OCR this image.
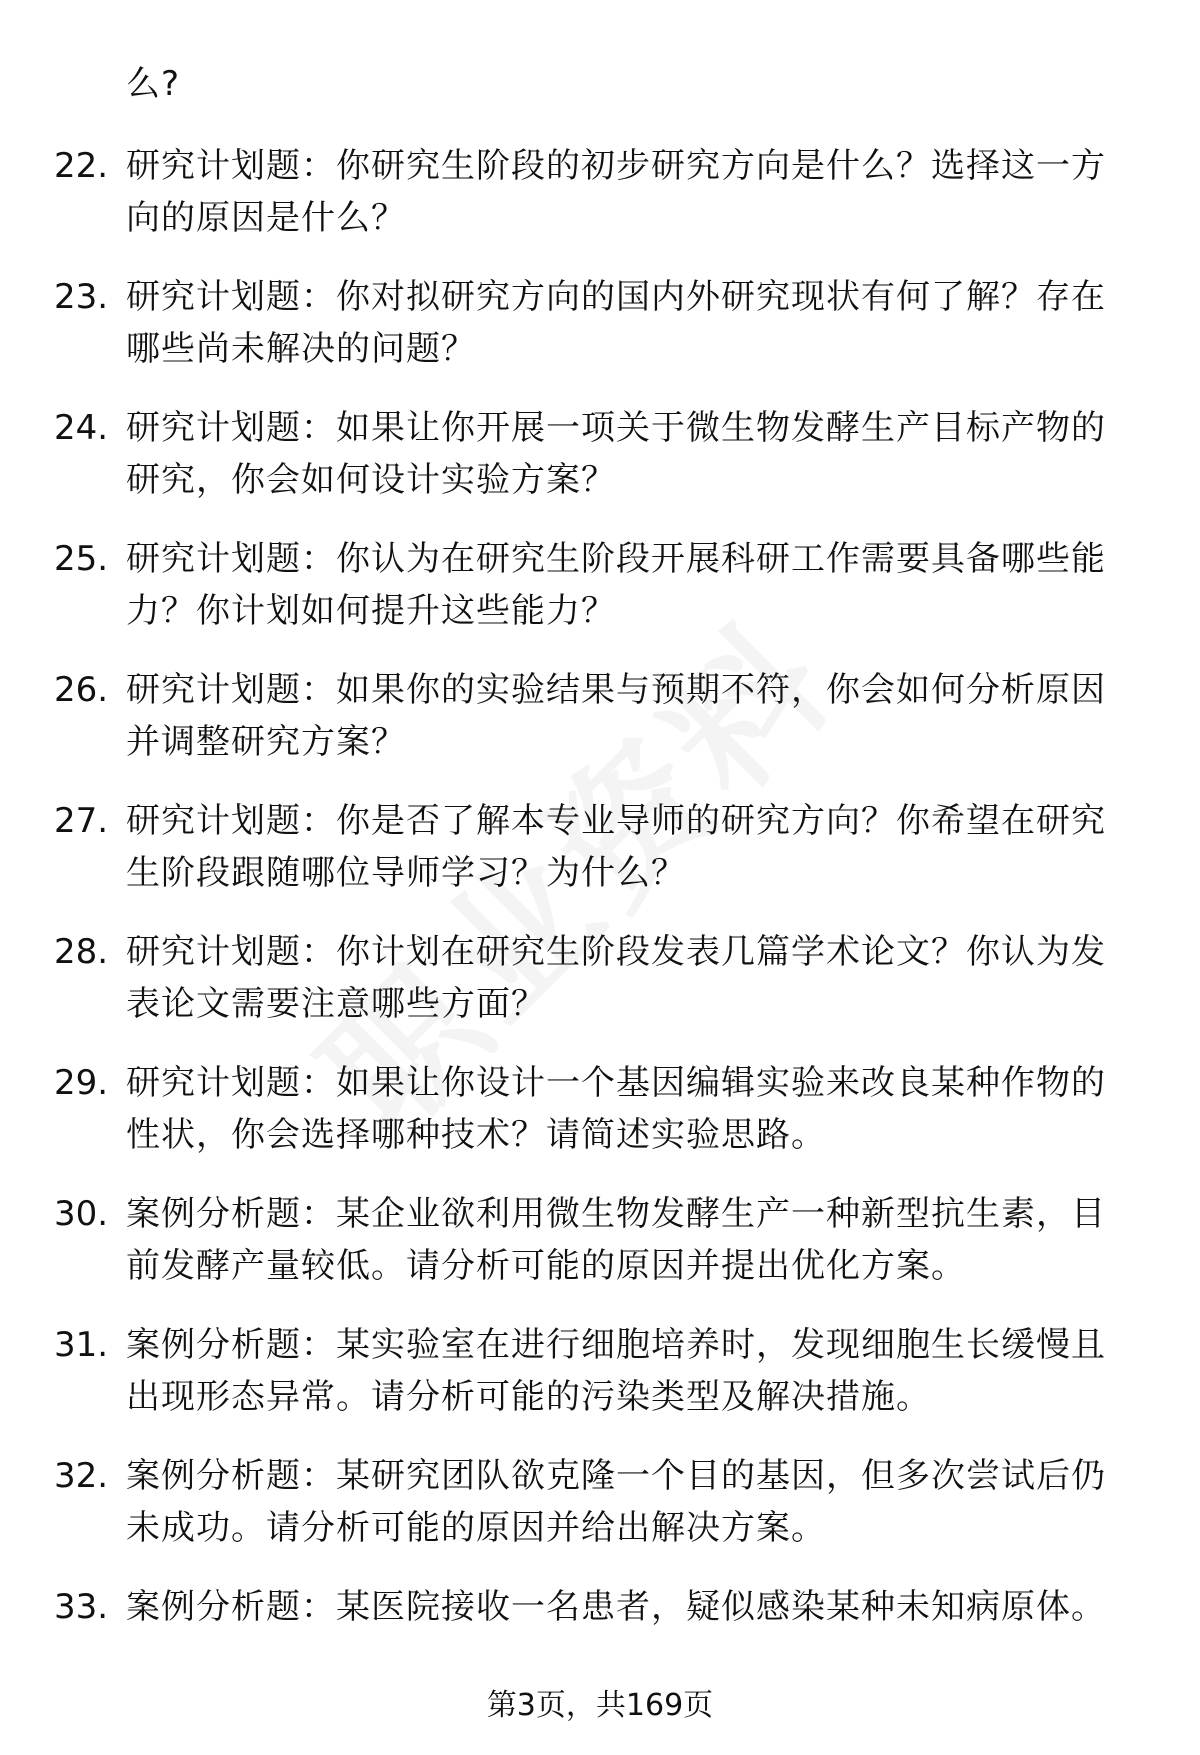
么?
22. 研究计划题：你研究生阶段的初步研究方向是什么？选择这一方向的原因是什么？
23. 研究计划题：你对拟研究方向的国内外研究现状有何了解？存在哪些尚未解决的问题？
24. 研究计划题：如果让你开展一项关于微生物发酵生产目标产物的研究，你会如何设计实验方案？
25. 研究计划题：你认为在研究生阶段开展科研工作需要具备哪些能力？你计划如何提升这些能力？
26. 研究计划题：如果你的实验结果与预期不符，你会如何分析原因并调整研究方案？
27. 研究计划题：你是否了解本专业导师的研究方向？你希望在研究生阶段跟随哪位导师学习？为什么？
28. 研究计划题：你计划在研究生阶段发表几篇学术论文？你认为发表论文需要注意哪些方面？
29. 研究计划题：如果让你设计一个基因编辑实验来改良某种作物的性状，你会选择哪种技术？请简述实验思路。
30. 案例分析题：某企业欲利用微生物发酵生产一种新型抗生素，目前发酵产量较低。请分析可能的原因并提出优化方案。
31. 案例分析题：某实验室在进行细胞培养时，发现细胞生长缓慢且出现形态异常。请分析可能的污染类型及解决措施。
32. 案例分析题：某研究团队欲克隆一个目的基因，但多次尝试后仍未成功。请分析可能的原因并给出解决方案。
33. 案例分析题：某医院接收一名患者，疑似感染某种未知病原体。
第3页，共169页
